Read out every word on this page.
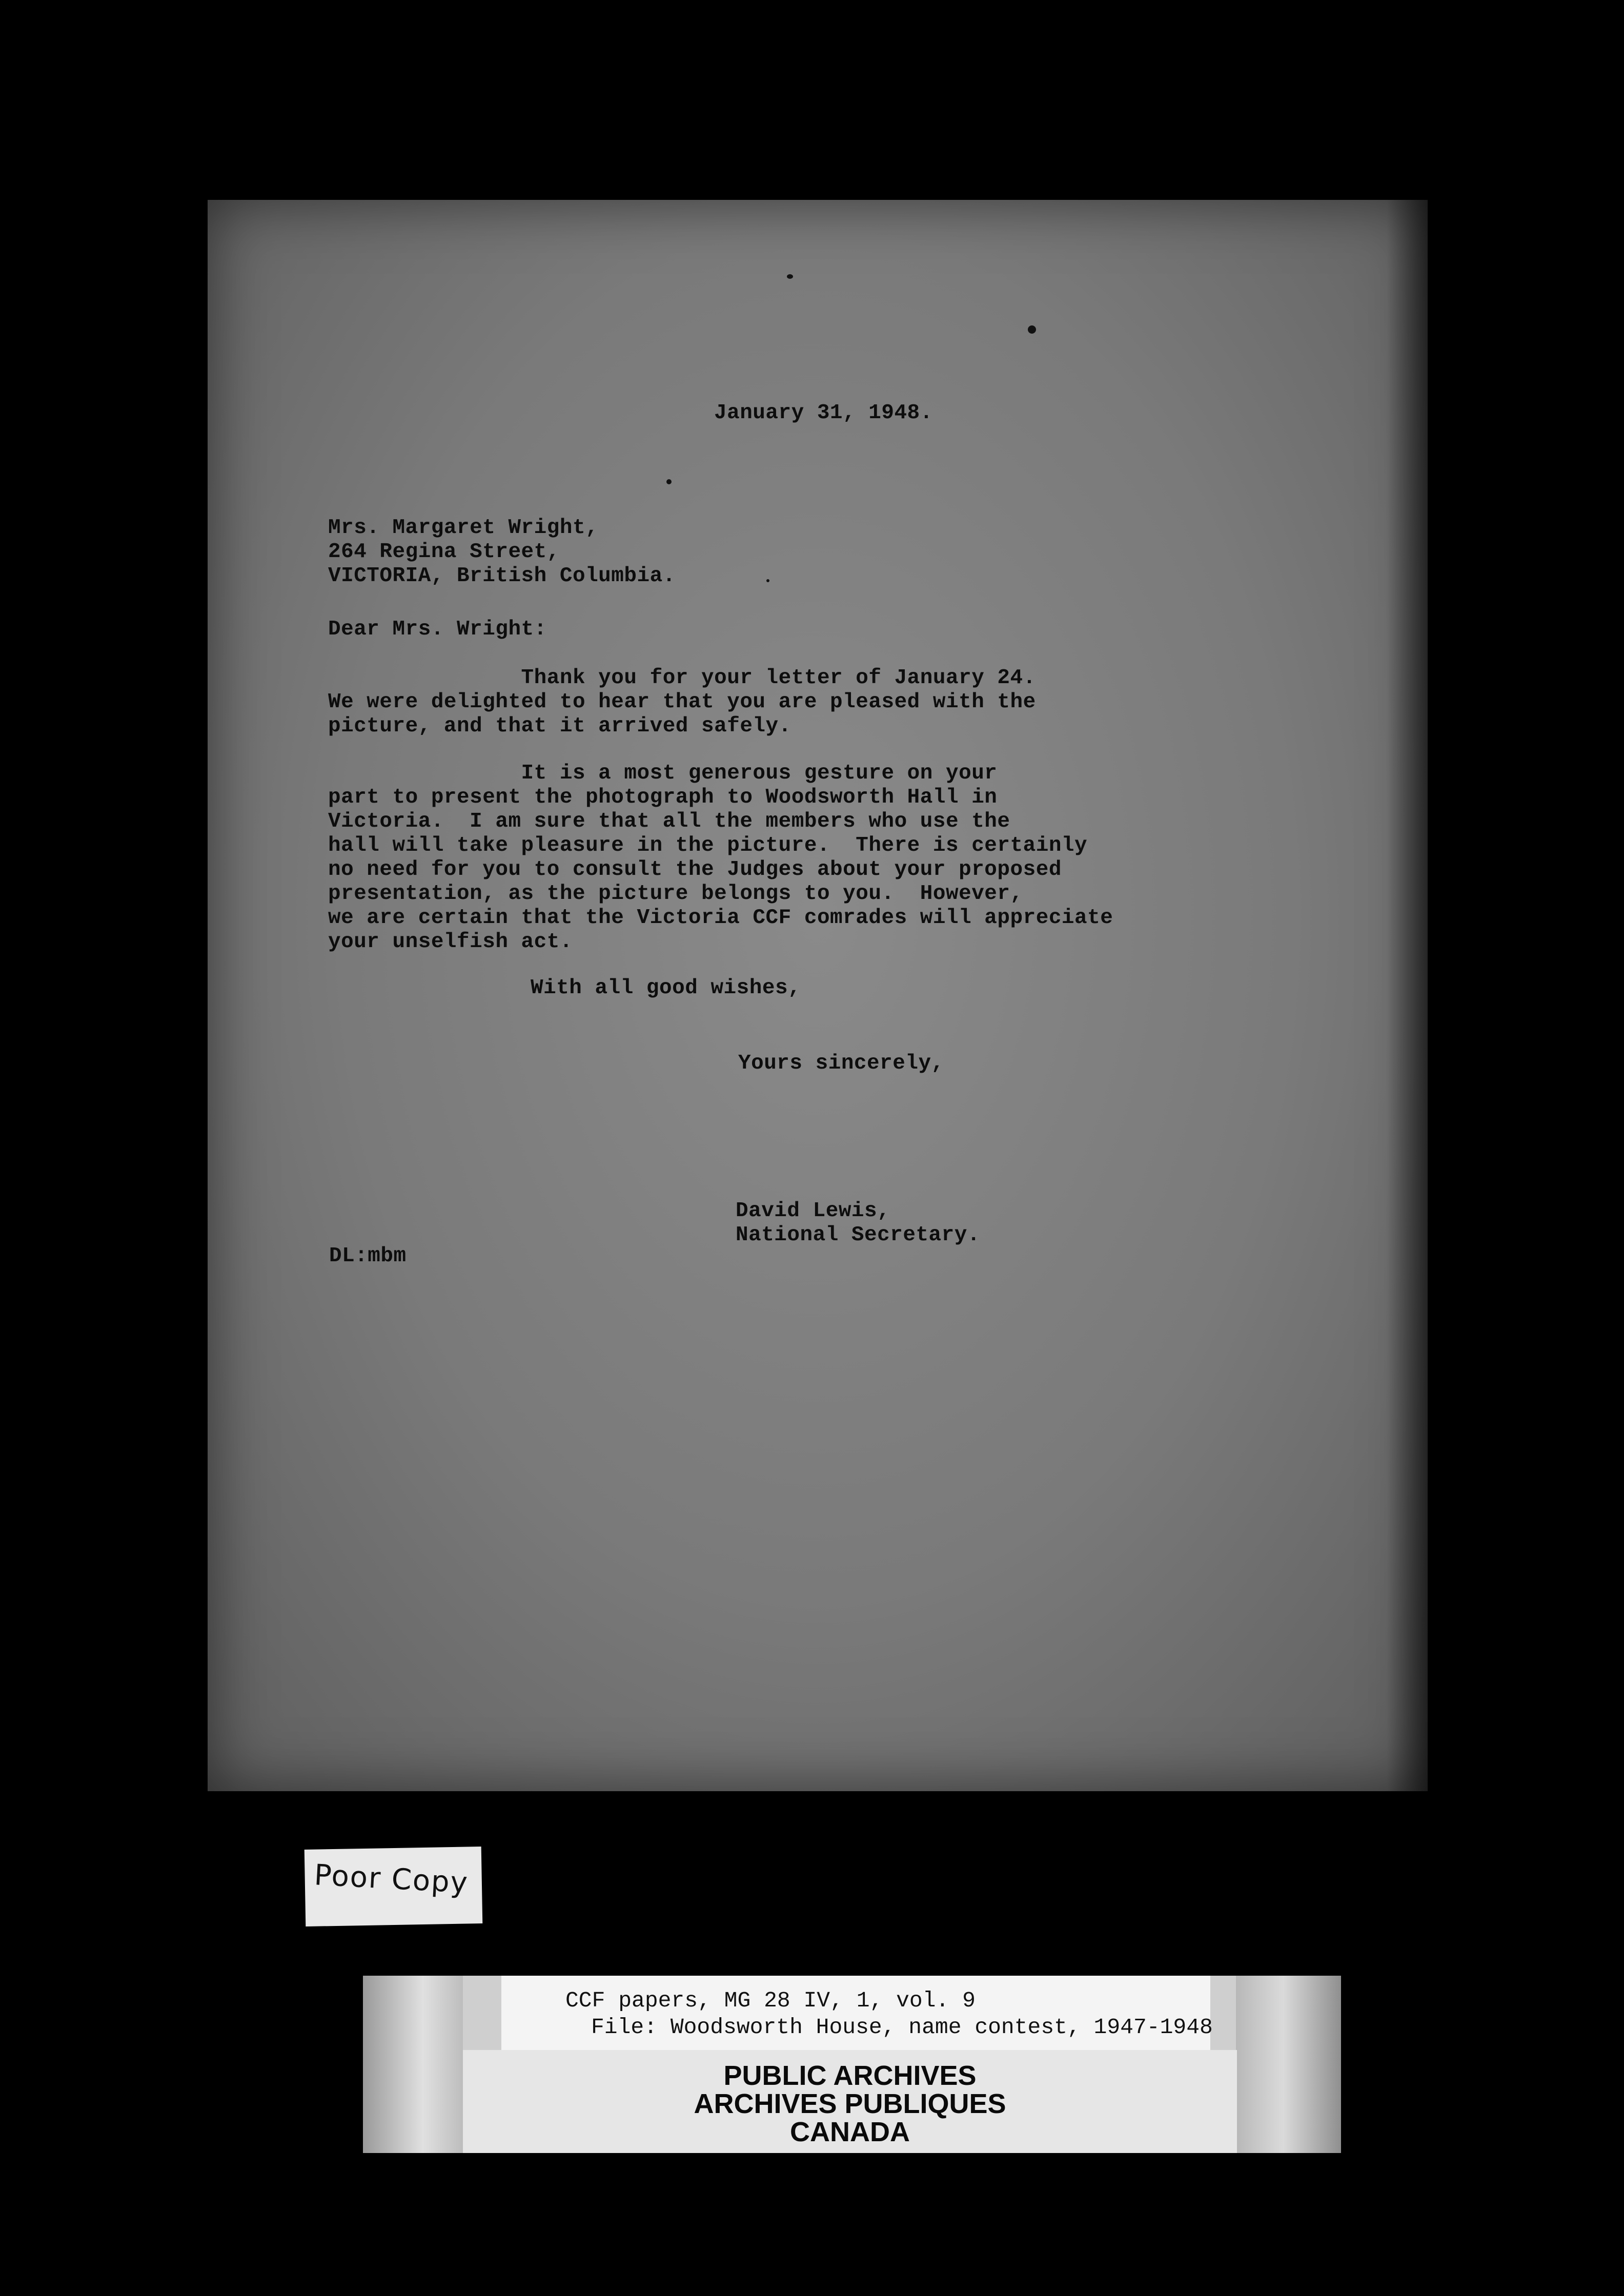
January 31, 1948.
Mrs. Margaret Wright,
264 Regina Street,
VICTORIA, British Columbia.
Dear Mrs. Wright:
Thank you for your letter of January 24.
We were delighted to hear that you are pleased with the
picture, and that it arrived safely.
It is a most generous gesture on your
part to present the photograph to Woodsworth Hall in
Victoria.  I am sure that all the members who use the
hall will take pleasure in the picture.  There is certainly
no need for you to consult the Judges about your proposed
presentation, as the picture belongs to you.  However,
we are certain that the Victoria CCF comrades will appreciate
your unselfish act.
With all good wishes,
Yours sincerely,
David Lewis,
National Secretary.
DL:mbm
Poor Copy
CCF papers, MG 28 IV, 1, vol. 9
File: Woodsworth House, name contest, 1947-1948
PUBLIC ARCHIVES
ARCHIVES PUBLIQUES
CANADA
